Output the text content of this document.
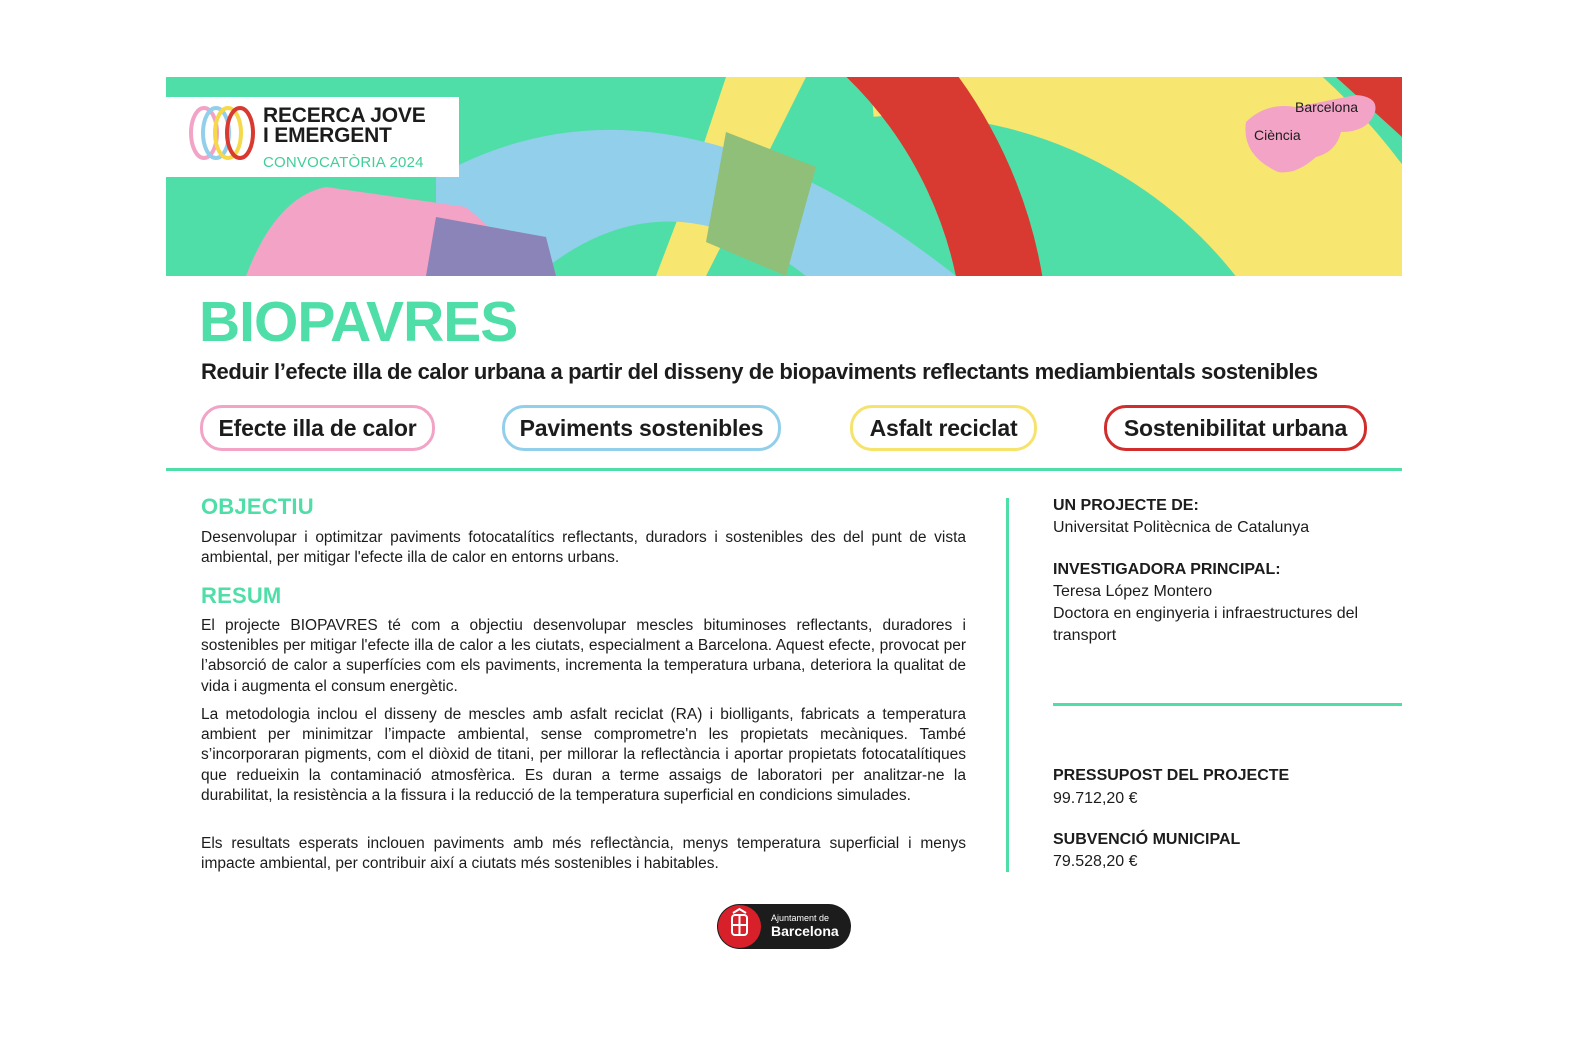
Barcelona
Ciència
RECERCA JOVE
I EMERGENT
CONVOCATÒRIA 2024
BIOPAVRES
Reduir l’efecte illa de calor urbana a partir del disseny de biopaviments reflectants mediambientals sostenibles
Efecte illa de calor	Paviments sostenibles	Asfalt reciclat	Sostenibilitat urbana
OBJECTIU

Desenvolupar i optimitzar paviments fotocatalítics reflectants, duradors i sostenibles des del punt de vista ambiental, per mitigar l'efecte illa de calor en entorns urbans.

RESUM

El projecte BIOPAVRES té com a objectiu desenvolupar mescles bituminoses reflectants, duradores i sostenibles per mitigar l'efecte illa de calor a les ciutats, especialment a Barcelona. Aquest efecte, provocat per l’absorció de calor a superfícies com els paviments, incrementa la temperatura urbana, deteriora la qualitat de vida i augmenta el consum energètic.

La metodologia inclou el disseny de mescles amb asfalt reciclat (RA) i biolligants, fabricats a temperatura ambient per minimitzar l’impacte ambiental, sense comprometre'n les propietats mecàniques. També s’incorporaran pigments, com el diòxid de titani, per millorar la reflectància i aportar propietats fotocatalítiques que redueixin la contaminació atmosfèrica. Es duran a terme assaigs de laboratori per analitzar-ne la durabilitat, la resistència a la fissura i la reducció de la temperatura superficial en condicions simulades.

Els resultats esperats inclouen paviments amb més reflectància, menys temperatura superficial i menys impacte ambiental, per contribuir així a ciutats més sostenibles i habitables.

UN PROJECTE DE:
Universitat Politècnica de Catalunya
INVESTIGADORA PRINCIPAL:
Teresa López Montero
Doctora en enginyeria i infraestructures del transport
PRESSUPOST DEL PROJECTE
99.712,20 €
SUBVENCIÓ MUNICIPAL
79.528,20 €
Ajuntament de
Barcelona
